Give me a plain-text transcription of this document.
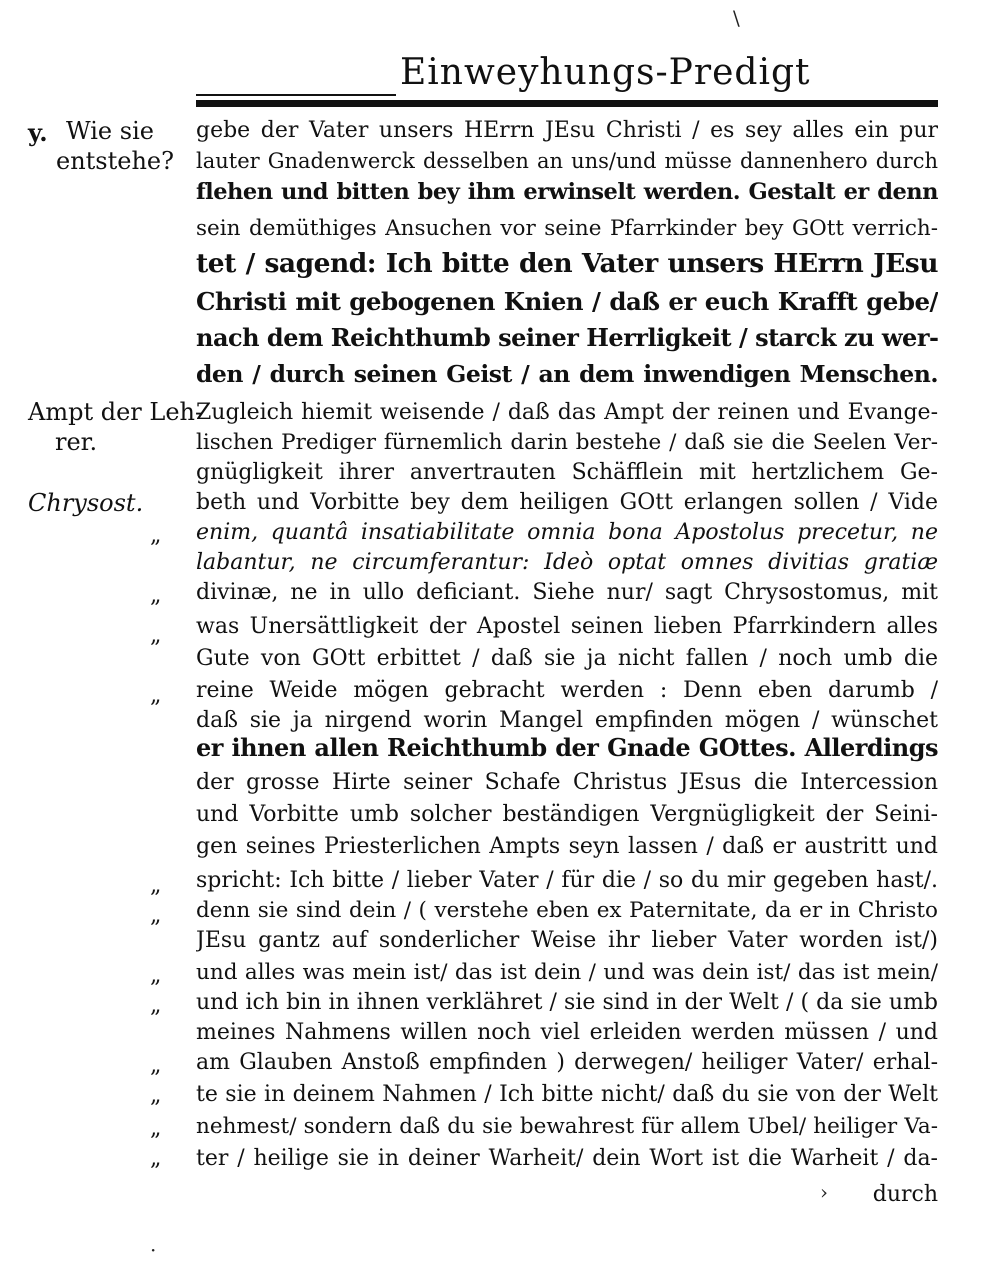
\
Einweyhungs-Predigt
y. Wie sie
entstehe?
Ampt der Leh-
rer.
Chrysost.
„
„
„
„
„
„
„
„
„
„
„
„
gebe der Vater unsers HErrn JEsu Christi / es sey alles ein pur
lauter Gnadenwerck desselben an uns/und müsse dannenhero durch
flehen und bitten bey ihm erwinselt werden. Gestalt er denn
sein demüthiges Ansuchen vor seine Pfarrkinder bey GOtt verrich-
tet / sagend: Ich bitte den Vater unsers HErrn JEsu
Christi mit gebogenen Knien / daß er euch Krafft gebe/
nach dem Reichthumb seiner Herrligkeit / starck zu wer-
den / durch seinen Geist / an dem inwendigen Menschen.
Zugleich hiemit weisende / daß das Ampt der reinen und Evange-
lischen Prediger fürnemlich darin bestehe / daß sie die Seelen Ver-
gnügligkeit ihrer anvertrauten Schäfflein mit hertzlichem Ge-
beth und Vorbitte bey dem heiligen GOtt erlangen sollen / Vide
enim, quantâ insatiabilitate omnia bona Apostolus precetur, ne
labantur, ne circumferantur: Ideò optat omnes divitias gratiæ
divinæ, ne in ullo deficiant. Siehe nur/ sagt Chrysostomus, mit
was Unersättligkeit der Apostel seinen lieben Pfarrkindern alles
Gute von GOtt erbittet / daß sie ja nicht fallen / noch umb die
reine Weide mögen gebracht werden : Denn eben darumb /
daß sie ja nirgend worin Mangel empfinden mögen / wünschet
er ihnen allen Reichthumb der Gnade GOttes. Allerdings
der grosse Hirte seiner Schafe Christus JEsus die Intercession
und Vorbitte umb solcher beständigen Vergnügligkeit der Seini-
gen seines Priesterlichen Ampts seyn lassen / daß er austritt und
spricht: Ich bitte / lieber Vater / für die / so du mir gegeben hast/.
denn sie sind dein / ( verstehe eben ex Paternitate, da er in Christo
JEsu gantz auf sonderlicher Weise ihr lieber Vater worden ist/)
und alles was mein ist/ das ist dein / und was dein ist/ das ist mein/
und ich bin in ihnen verklähret / sie sind in der Welt / ( da sie umb
meines Nahmens willen noch viel erleiden werden müssen / und
am Glauben Anstoß empfinden ) derwegen/ heiliger Vater/ erhal-
te sie in deinem Nahmen / Ich bitte nicht/ daß du sie von der Welt
nehmest/ sondern daß du sie bewahrest für allem Ubel/ heiliger Va-
ter / heilige sie in deiner Warheit/ dein Wort ist die Warheit / da-
durch
›
·
